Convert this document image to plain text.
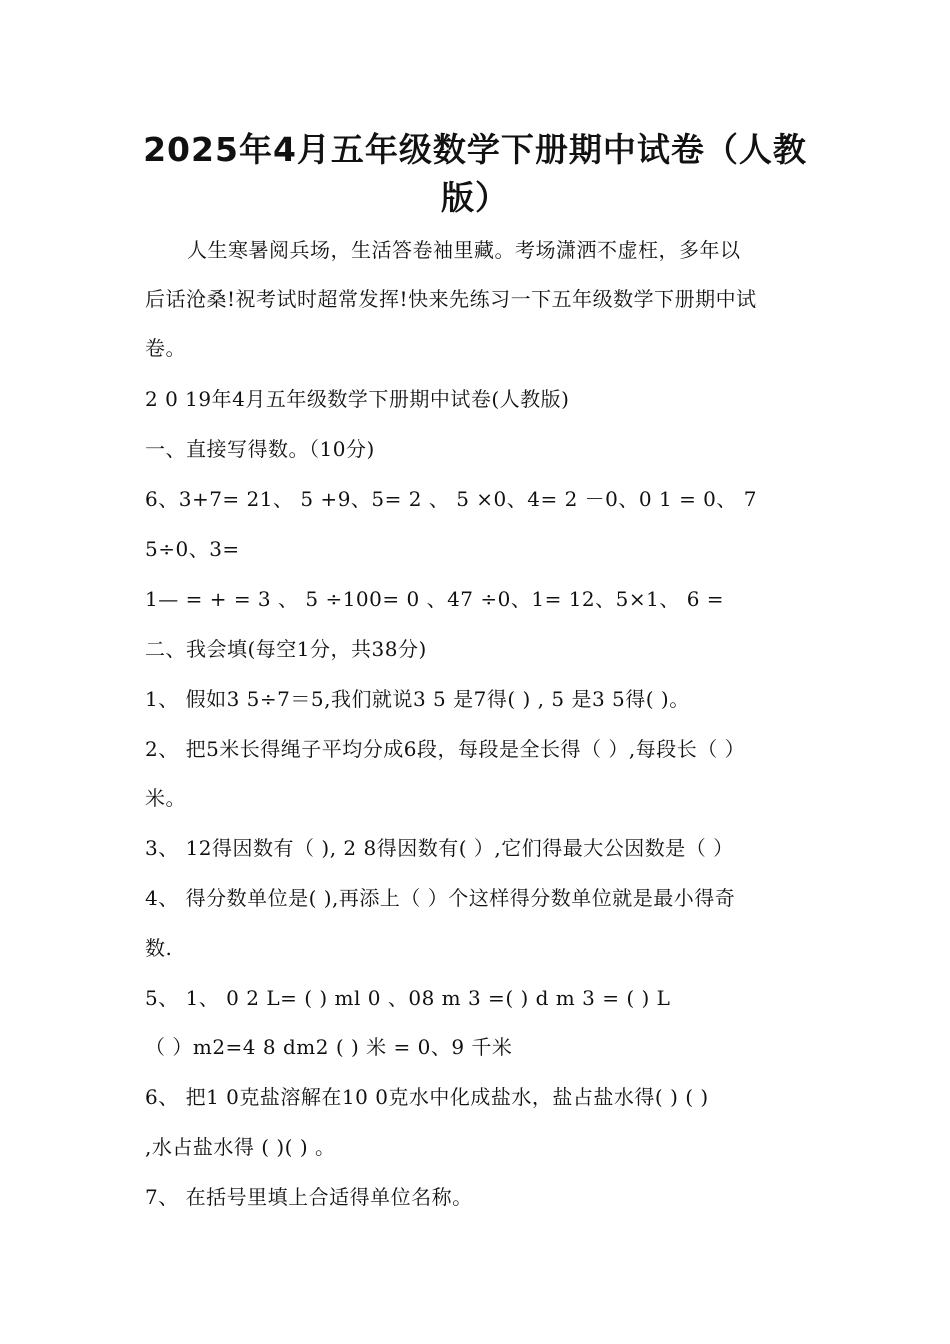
2025年4月五年级数学下册期中试卷（人教
版）
人生寒暑阅兵场，生活答卷袖里藏。考场潇洒不虚枉，多年以
后话沧桑!祝考试时超常发挥!快来先练习一下五年级数学下册期中试
卷。
2 0 19年4月五年级数学下册期中试卷(人教版)
一、直接写得数。（10分)
6、3+7= 21、 5 +9、5= 2 、 5 ×0、4= 2 －0、0 1 = 0、 7
5÷0、3=
1— = + = 3 、 5 ÷100= 0 、47 ÷0、1= 12、5×1、 6 =
二、我会填(每空1分，共38分)
1、 假如3 5÷7＝5,我们就说3 5 是7得( ) , 5 是3 5得( )。
2、 把5米长得绳子平均分成6段，每段是全长得（ ）,每段长（ ）
米。
3、 12得因数有（ ), 2 8得因数有( ）,它们得最大公因数是（ ）
4、 得分数单位是( ),再添上（ ）个这样得分数单位就是最小得奇
数.
5、 1、 0 2 L= ( ) ml 0 、08 m 3 =( ) d m 3 = ( ) L
（ ）m2=4 8 dm2 ( ) 米 = 0、9 千米
6、 把1 0克盐溶解在10 0克水中化成盐水，盐占盐水得( ) ( )
,水占盐水得 ( )( ) 。
7、 在括号里填上合适得单位名称。
